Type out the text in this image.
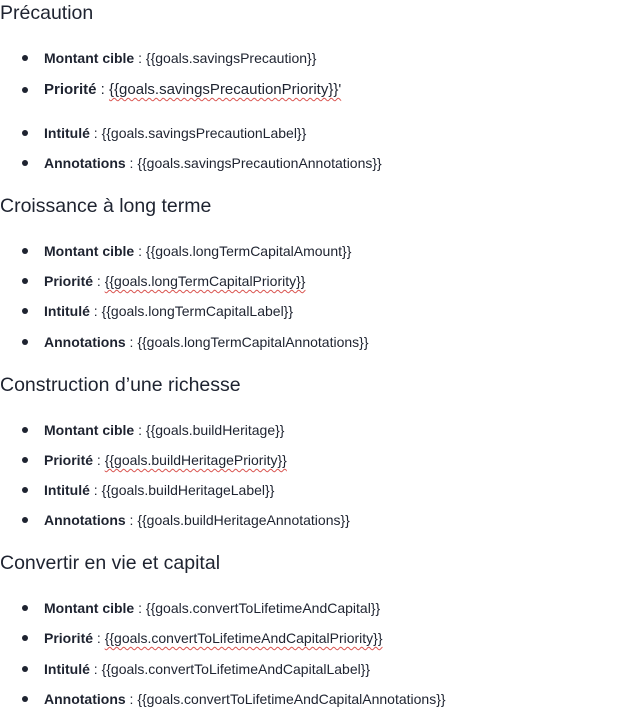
Précaution
Montant cible : {{goals.savingsPrecaution}}
Priorité : {{goals.savingsPrecautionPriority}}'
Intitulé : {{goals.savingsPrecautionLabel}}
Annotations : {{goals.savingsPrecautionAnnotations}}
Croissance à long terme
Montant cible : {{goals.longTermCapitalAmount}}
Priorité : {{goals.longTermCapitalPriority}}
Intitulé : {{goals.longTermCapitalLabel}}
Annotations : {{goals.longTermCapitalAnnotations}}
Construction d’une richesse
Montant cible : {{goals.buildHeritage}}
Priorité : {{goals.buildHeritagePriority}}
Intitulé : {{goals.buildHeritageLabel}}
Annotations : {{goals.buildHeritageAnnotations}}
Convertir en vie et capital
Montant cible : {{goals.convertToLifetimeAndCapital}}
Priorité : {{goals.convertToLifetimeAndCapitalPriority}}
Intitulé : {{goals.convertToLifetimeAndCapitalLabel}}
Annotations : {{goals.convertToLifetimeAndCapitalAnnotations}}
